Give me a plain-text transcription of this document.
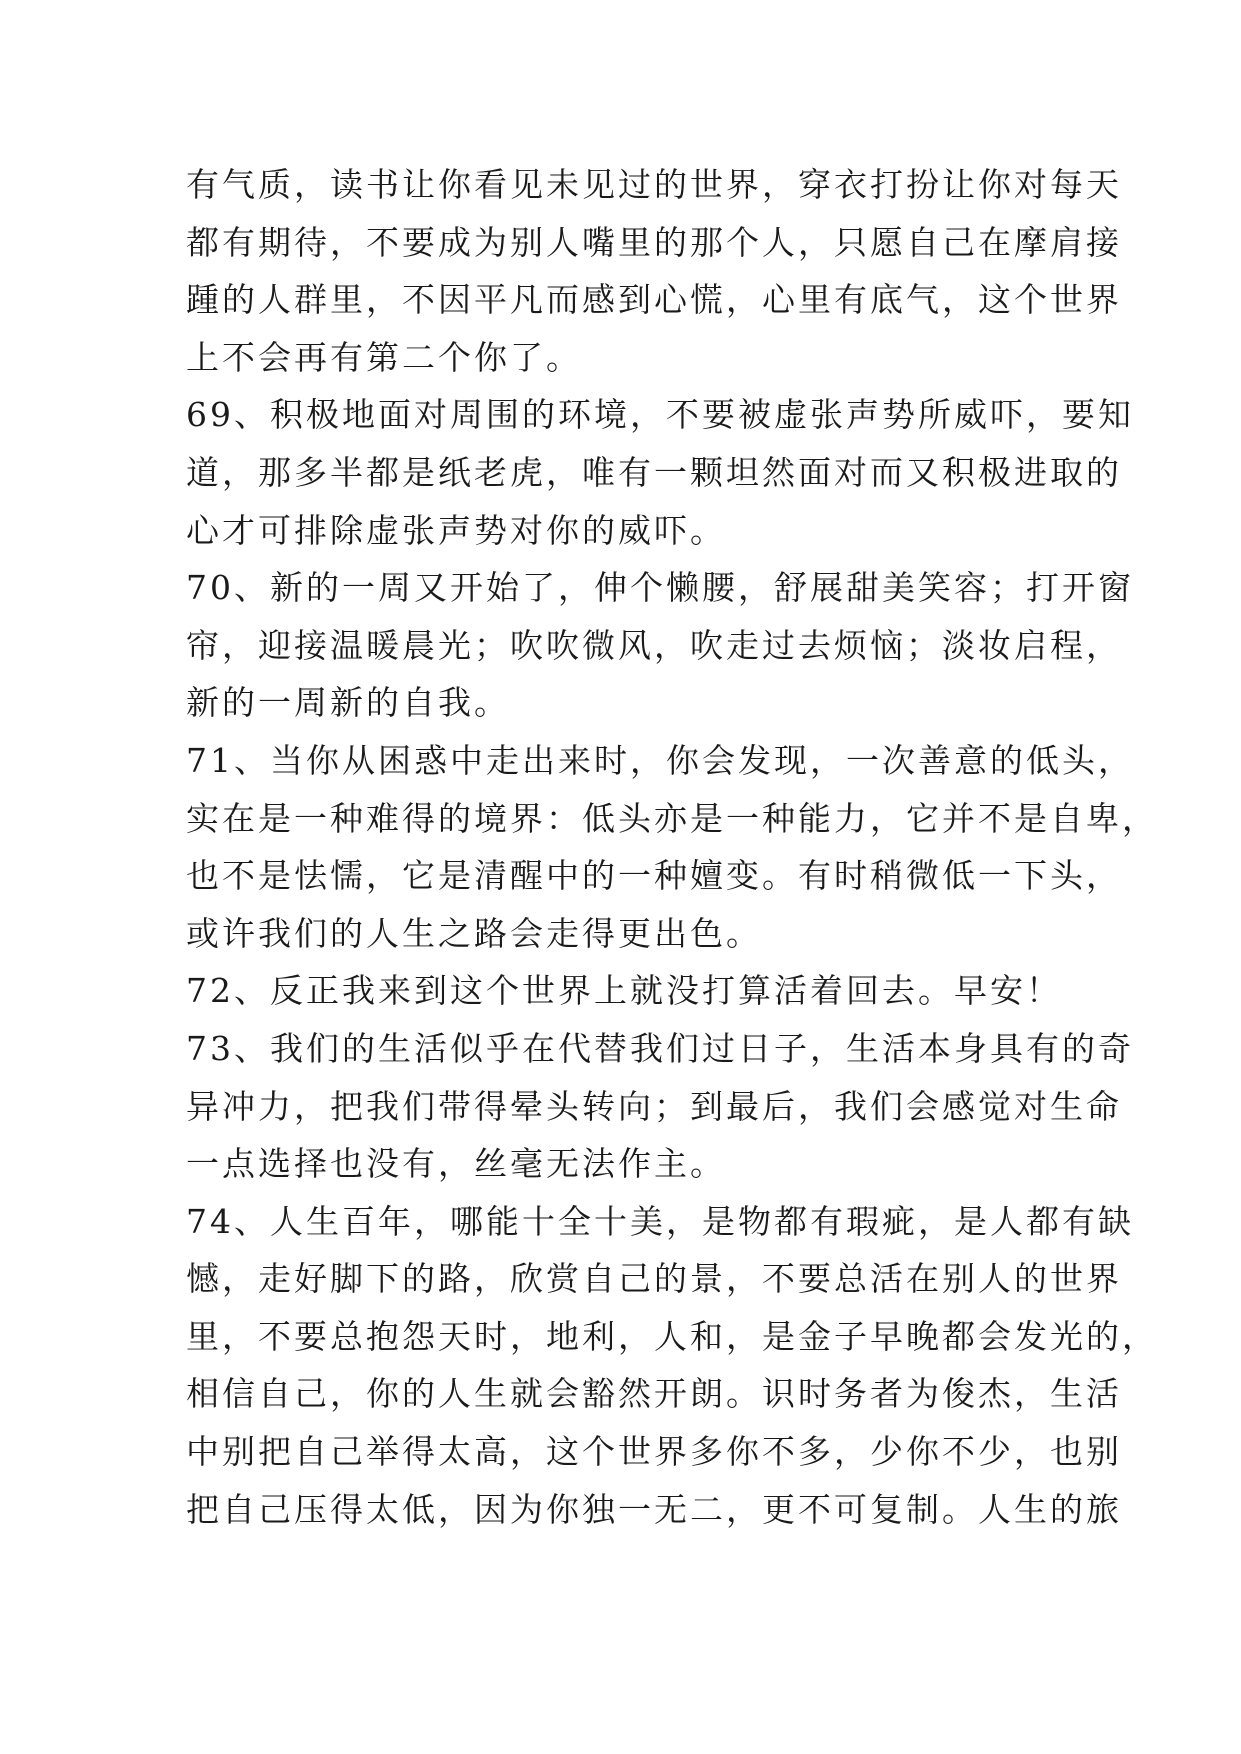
有气质，读书让你看见未见过的世界，穿衣打扮让你对每天
都有期待，不要成为别人嘴里的那个人，只愿自己在摩肩接
踵的人群里，不因平凡而感到心慌，心里有底气，这个世界
上不会再有第二个你了。
69、积极地面对周围的环境，不要被虚张声势所威吓，要知
道，那多半都是纸老虎，唯有一颗坦然面对而又积极进取的
心才可排除虚张声势对你的威吓。
70、新的一周又开始了，伸个懒腰，舒展甜美笑容；打开窗
帘，迎接温暖晨光；吹吹微风，吹走过去烦恼；淡妆启程，
新的一周新的自我。
71、当你从困惑中走出来时，你会发现，一次善意的低头，
实在是一种难得的境界：低头亦是一种能力，它并不是自卑，
也不是怯懦，它是清醒中的一种嬗变。有时稍微低一下头，
或许我们的人生之路会走得更出色。
72、反正我来到这个世界上就没打算活着回去。早安！
73、我们的生活似乎在代替我们过日子，生活本身具有的奇
异冲力，把我们带得晕头转向；到最后，我们会感觉对生命
一点选择也没有，丝毫无法作主。
74、人生百年，哪能十全十美，是物都有瑕疵，是人都有缺
憾，走好脚下的路，欣赏自己的景，不要总活在别人的世界
里，不要总抱怨天时，地利，人和，是金子早晚都会发光的，
相信自己，你的人生就会豁然开朗。识时务者为俊杰，生活
中别把自己举得太高，这个世界多你不多，少你不少，也别
把自己压得太低，因为你独一无二，更不可复制。人生的旅
